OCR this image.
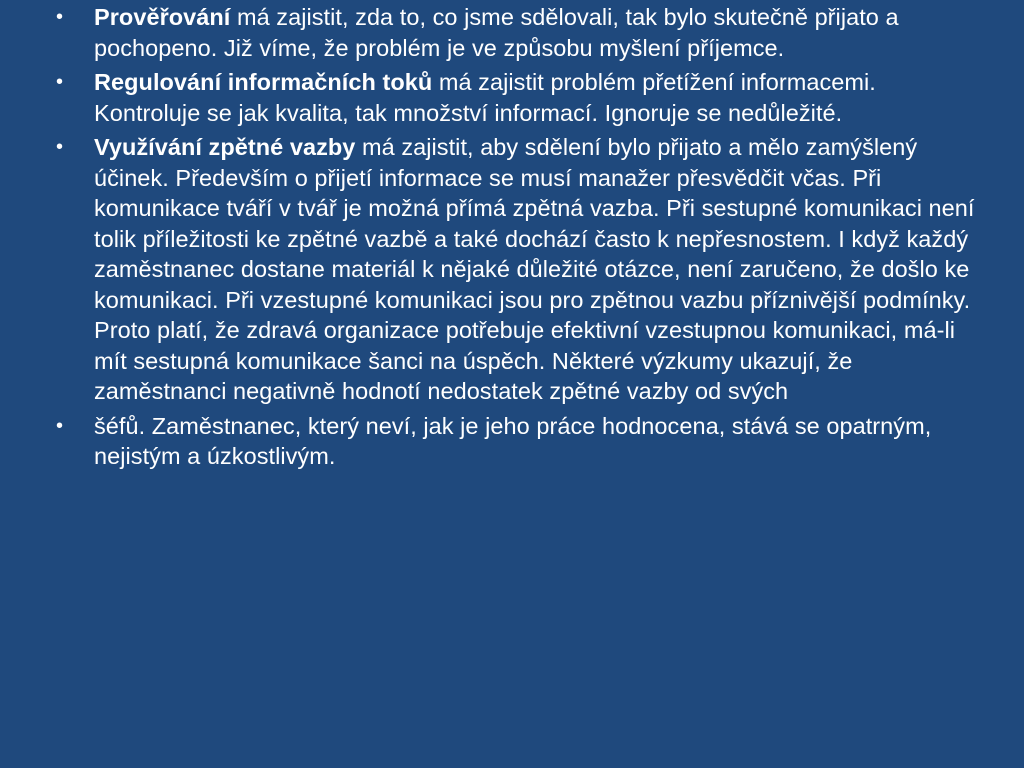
• Prověřování má zajistit, zda to, co jsme sdělovali, tak bylo skutečně přijato a pochopeno. Již víme, že problém je ve způsobu myšlení příjemce.
• Regulování informačních toků má zajistit problém přetížení informacemi. Kontroluje se jak kvalita, tak množství informací. Ignoruje se nedůležité.
• Využívání zpětné vazby má zajistit, aby sdělení bylo přijato a mělo zamýšlený účinek. Především o přijetí informace se musí manažer přesvědčit včas. Při komunikace tváří v tvář je možná přímá zpětná vazba. Při sestupné komunikaci není tolik příležitosti ke zpětné vazbě a také dochází často k nepřesnostem. I když každý zaměstnanec dostane materiál k nějaké důležité otázce, není zaručeno, že došlo ke komunikaci. Při vzestupné komunikaci jsou pro zpětnou vazbu příznivější podmínky. Proto platí, že zdravá organizace potřebuje efektivní vzestupnou komunikaci, má-li mít sestupná komunikace šanci na úspěch. Některé výzkumy ukazují, že zaměstnanci negativně hodnotí nedostatek zpětné vazby od svých
• šéfů. Zaměstnanec, který neví, jak je jeho práce hodnocena, stává se opatrným, nejistým a úzkostlivým.
